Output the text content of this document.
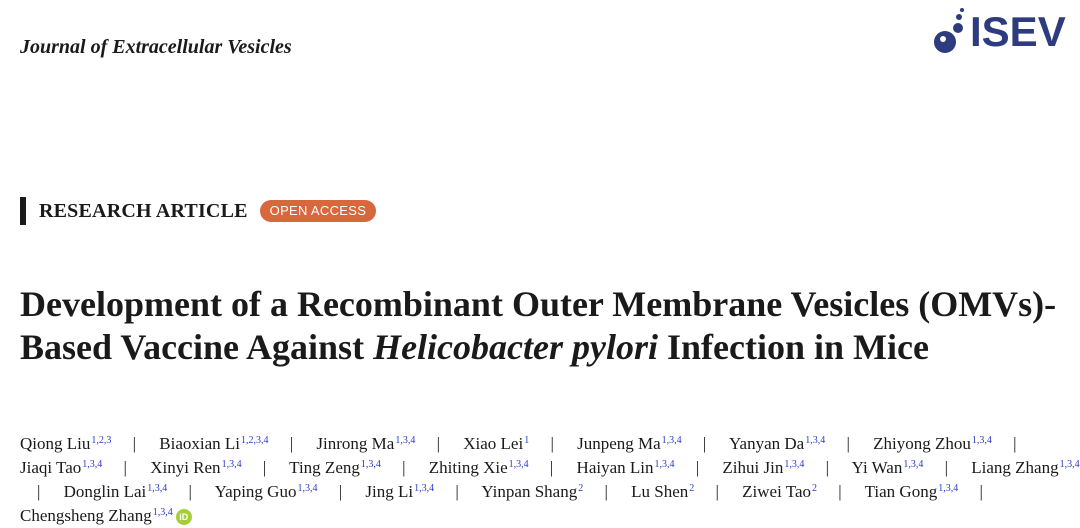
Journal of Extracellular Vesicles	ISEV
RESEARCH ARTICLE	OPEN ACCESS
Development of a Recombinant Outer Membrane Vesicles (OMVs)-Based Vaccine Against Helicobacter pylori Infection in Mice
Qiong Liu$^{1,2,3}$ | Biaoxian Li$^{1,2,3,4}$ | Jinrong Ma$^{1,3,4}$ | Xiao Lei$^1$ | Junpeng Ma$^{1,3,4}$ | Yanyan Da$^{1,3,4}$ | Zhiyong Zhou$^{1,3,4}$ | Jiaqi Tao$^{1,3,4}$ | Xinyi Ren$^{1,3,4}$ | Ting Zeng$^{1,3,4}$ | Zhiting Xie$^{1,3,4}$ | Haiyan Lin$^{1,3,4}$ | Zihui Jin$^{1,3,4}$ | Yi Wan$^{1,3,4}$ | Liang Zhang$^{1,3,4}$ | Donglin Lai$^{1,3,4}$ | Yaping Guo$^{1,3,4}$ | Jing Li$^{1,3,4}$ | Yinpan Shang$^2$ | Lu Shen$^2$ | Ziwei Tao$^2$ | Tian Gong$^{1,3,4}$ | Chengsheng Zhang$^{1,3,4}$ iD
